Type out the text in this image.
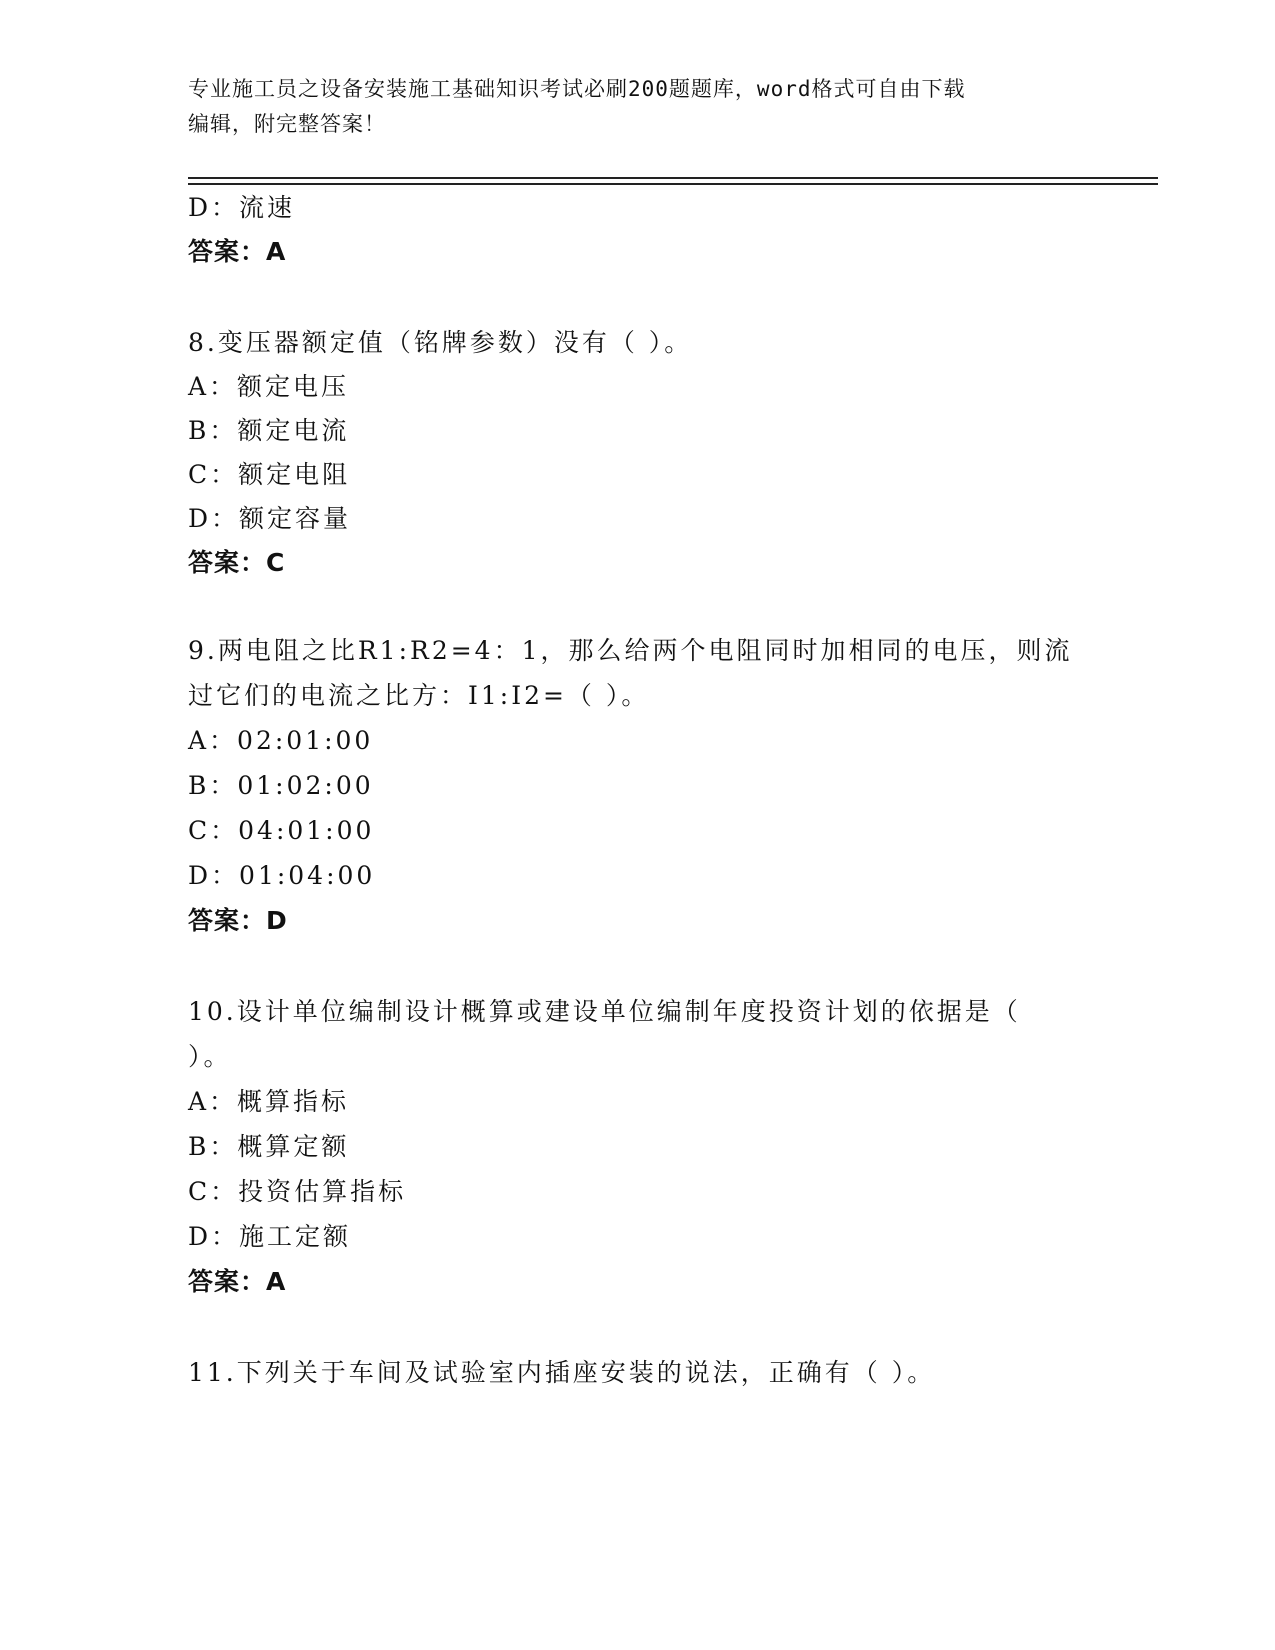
专业施工员之设备安装施工基础知识考试必刷200题题库，word格式可自由下载
编辑，附完整答案！
D：流速
答案：A
8.变压器额定值（铭牌参数）没有（ ）。
A：额定电压
B：额定电流
C：额定电阻
D：额定容量
答案：C
9.两电阻之比R1:R2=4：1，那么给两个电阻同时加相同的电压，则流
过它们的电流之比方：I1:I2=（ ）。
A：02:01:00
B：01:02:00
C：04:01:00
D：01:04:00
答案：D
10.设计单位编制设计概算或建设单位编制年度投资计划的依据是（
）。
A：概算指标
B：概算定额
C：投资估算指标
D：施工定额
答案：A
11.下列关于车间及试验室内插座安装的说法，正确有（ ）。
